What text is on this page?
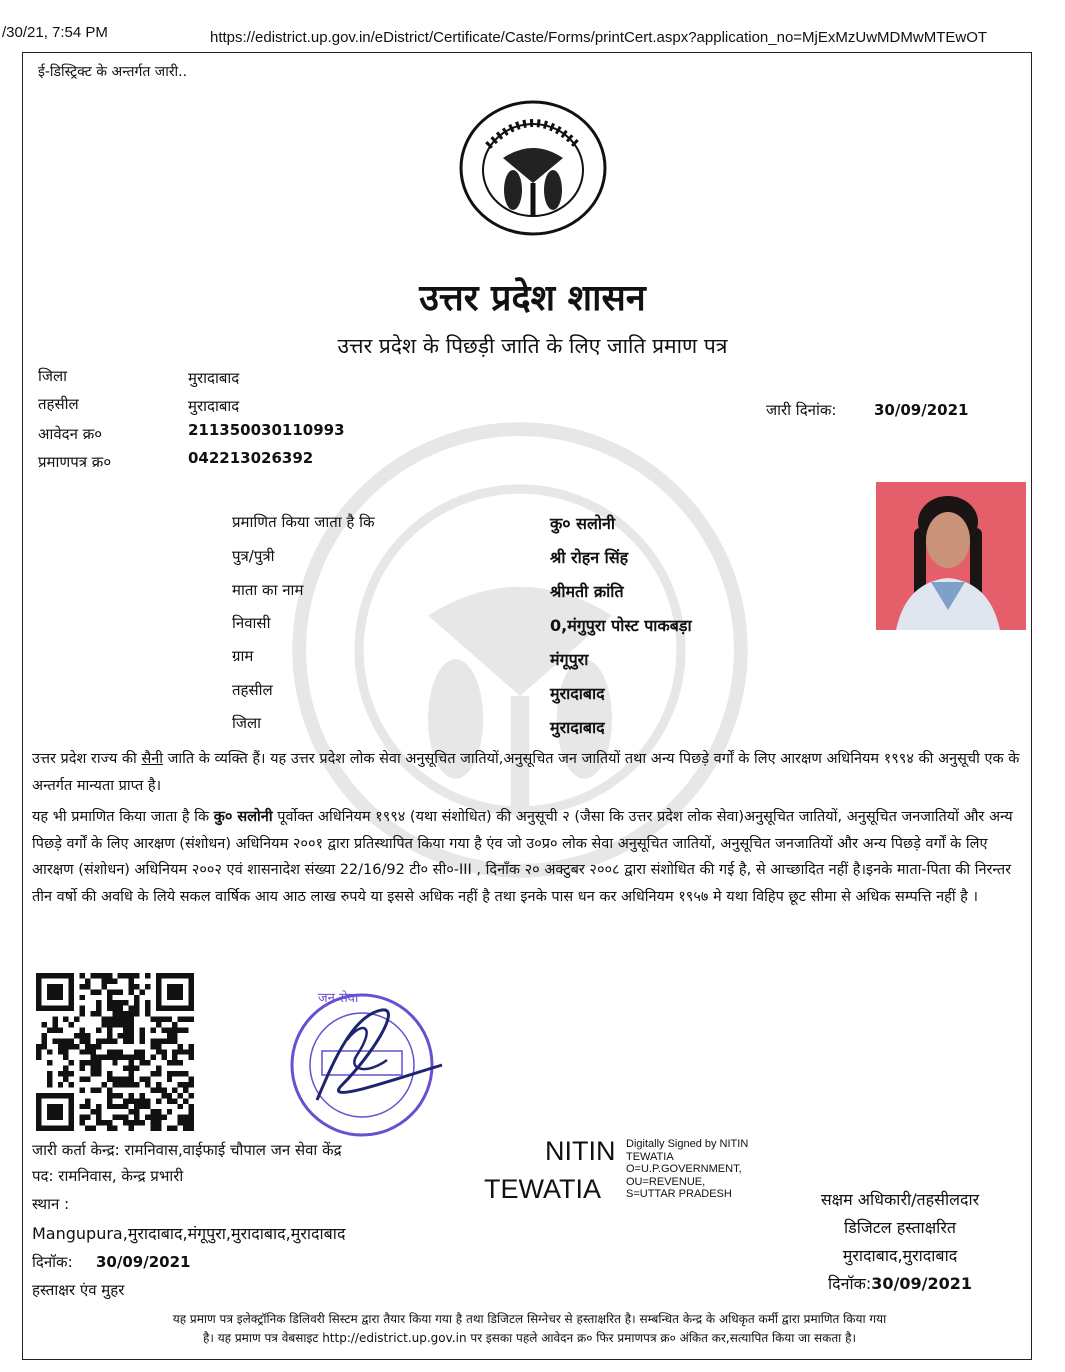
/30/21, 7:54 PM	https://edistrict.up.gov.in/eDistrict/Certificate/Caste/Forms/printCert.aspx?application_no=MjExMzUwMDMwMTEwOT
ई-डिस्ट्रिक्ट के अन्तर्गत जारी..
उत्तर प्रदेश शासन
उत्तर प्रदेश के पिछड़ी जाति के लिए जाति प्रमाण पत्र
जिला	मुरादाबाद
तहसील	मुरादाबाद
आवेदन क्र०	211350030110993
प्रमाणपत्र क्र०	042213026392
जारी दिनांक:	30/09/2021
प्रमाणित किया जाता है कि	कु० सलोनी
पुत्र/पुत्री	श्री रोहन सिंह
माता का नाम	श्रीमती क्रांति
निवासी	0,मंगुपुरा पोस्ट पाकबड़ा
ग्राम	मंगूपुरा
तहसील	मुरादाबाद
जिला	मुरादाबाद

उत्तर प्रदेश राज्य की सैनी जाति के व्यक्ति हैं। यह उत्तर प्रदेश लोक सेवा अनुसूचित जातियों,अनुसूचित जन जातियों तथा अन्य पिछड़े वर्गों के लिए आरक्षण अधिनियम १९९४ की अनुसूची एक के अन्तर्गत मान्यता प्राप्त है।

यह भी प्रमाणित किया जाता है कि कु० सलोनी पूर्वोक्त अधिनियम १९९४ (यथा संशोधित) की अनुसूची २ (जैसा कि उत्तर प्रदेश लोक सेवा)अनुसूचित जातियों, अनुसूचित जनजातियों और अन्य पिछड़े वर्गों के लिए आरक्षण (संशोधन) अधिनियम २००१ द्वारा प्रतिस्थापित किया गया है एंव जो उ०प्र० लोक सेवा अनुसूचित जातियों, अनुसूचित जनजातियों और अन्य पिछड़े वर्गों के लिए आरक्षण (संशोधन) अधिनियम २००२ एवं शासनादेश संख्या 22/16/92 टी० सी०-III , दिनाँक २० अक्टुबर २००८ द्वारा संशोधित की गई है, से आच्छादित नहीं है।इनके माता-पिता की निरन्तर तीन वर्षो की अवधि के लिये सकल वार्षिक आय आठ लाख रुपये या इससे अधिक नहीं है तथा इनके पास धन कर अधिनियम १९५७ मे यथा विहिप छूट सीमा से अधिक सम्पत्ति नहीं है ।

जन सेवा
जारी कर्ता केन्द्र: रामनिवास,वाईफाई चौपाल जन सेवा केंद्र
पद: रामनिवास, केन्द्र प्रभारी
स्थान :
Mangupura,मुरादाबाद,मंगूपुरा,मुरादाबाद,मुरादाबाद
दिनॉक: 30/09/2021
हस्ताक्षर एंव मुहर
NITIN
TEWATIA
Digitally Signed by NITIN
TEWATIA
O=U.P.GOVERNMENT,
OU=REVENUE,
S=UTTAR PRADESH	सक्षम अधिकारी/तहसीलदार
डिजिटल हस्ताक्षरित
मुरादाबाद,मुरादाबाद
दिनॉक:30/09/2021
यह प्रमाण पत्र इलेक्ट्रॉनिक डिलिवरी सिस्टम द्वारा तैयार किया गया है तथा डिजिटल सिग्नेचर से हस्ताक्षरित है। सम्बन्धित केन्द्र के अधिकृत कर्मी द्वारा प्रमाणित किया गया
है। यह प्रमाण पत्र वेबसाइट http://edistrict.up.gov.in पर इसका पहले आवेदन क्र० फिर प्रमाणपत्र क्र० अंकित कर,सत्यापित किया जा सकता है।
